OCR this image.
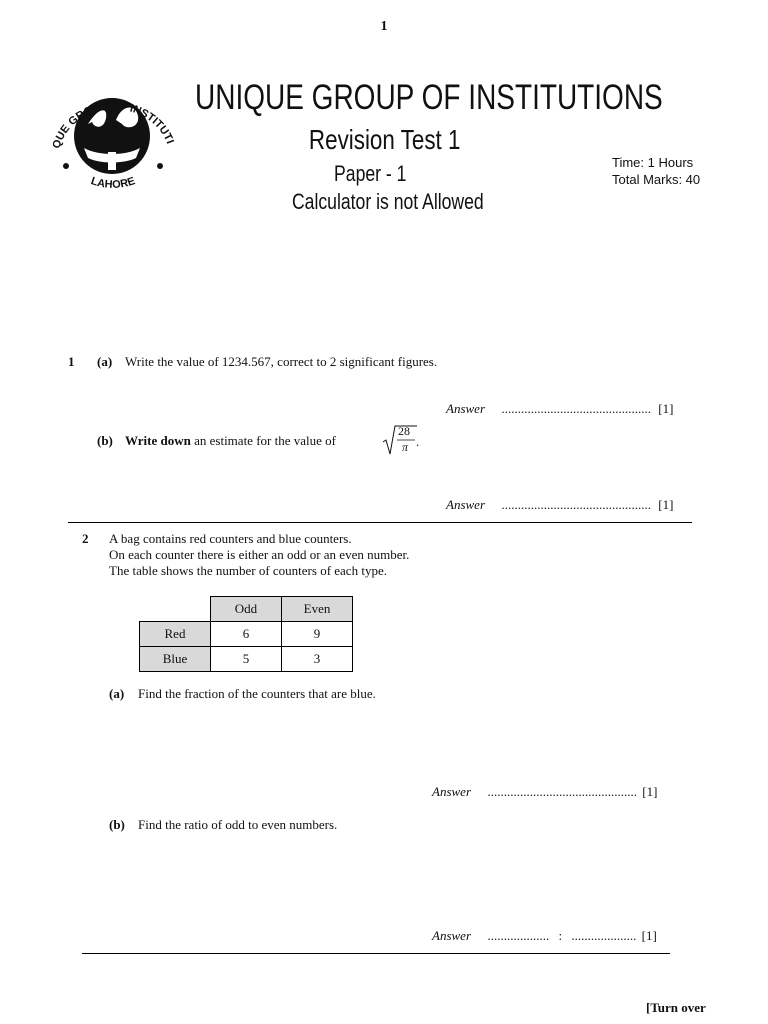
1
QUE GROUP OF INSTITUTI
LAHORE
UNIQUE GROUP OF INSTITUTIONS
Revision Test 1
Paper - 1
Calculator is not Allowed
Time: 1 Hours
Total Marks: 40
1 (a) Write the value of 1234.567, correct to 2 significant figures.
Answer .............................................. [1]
(b) Write down an estimate for the value of
28
π .
Answer .............................................. [1]
2 A bag contains red counters and blue counters.
On each counter there is either an odd or an even number.
The table shows the number of counters of each type.
	Odd	Even
Red	6	9
Blue	5	3
(a) Find the fraction of the counters that are blue.
Answer .............................................. [1]
(b) Find the ratio of odd to even numbers.
Answer ................... : .................... [1]
[Turn over
